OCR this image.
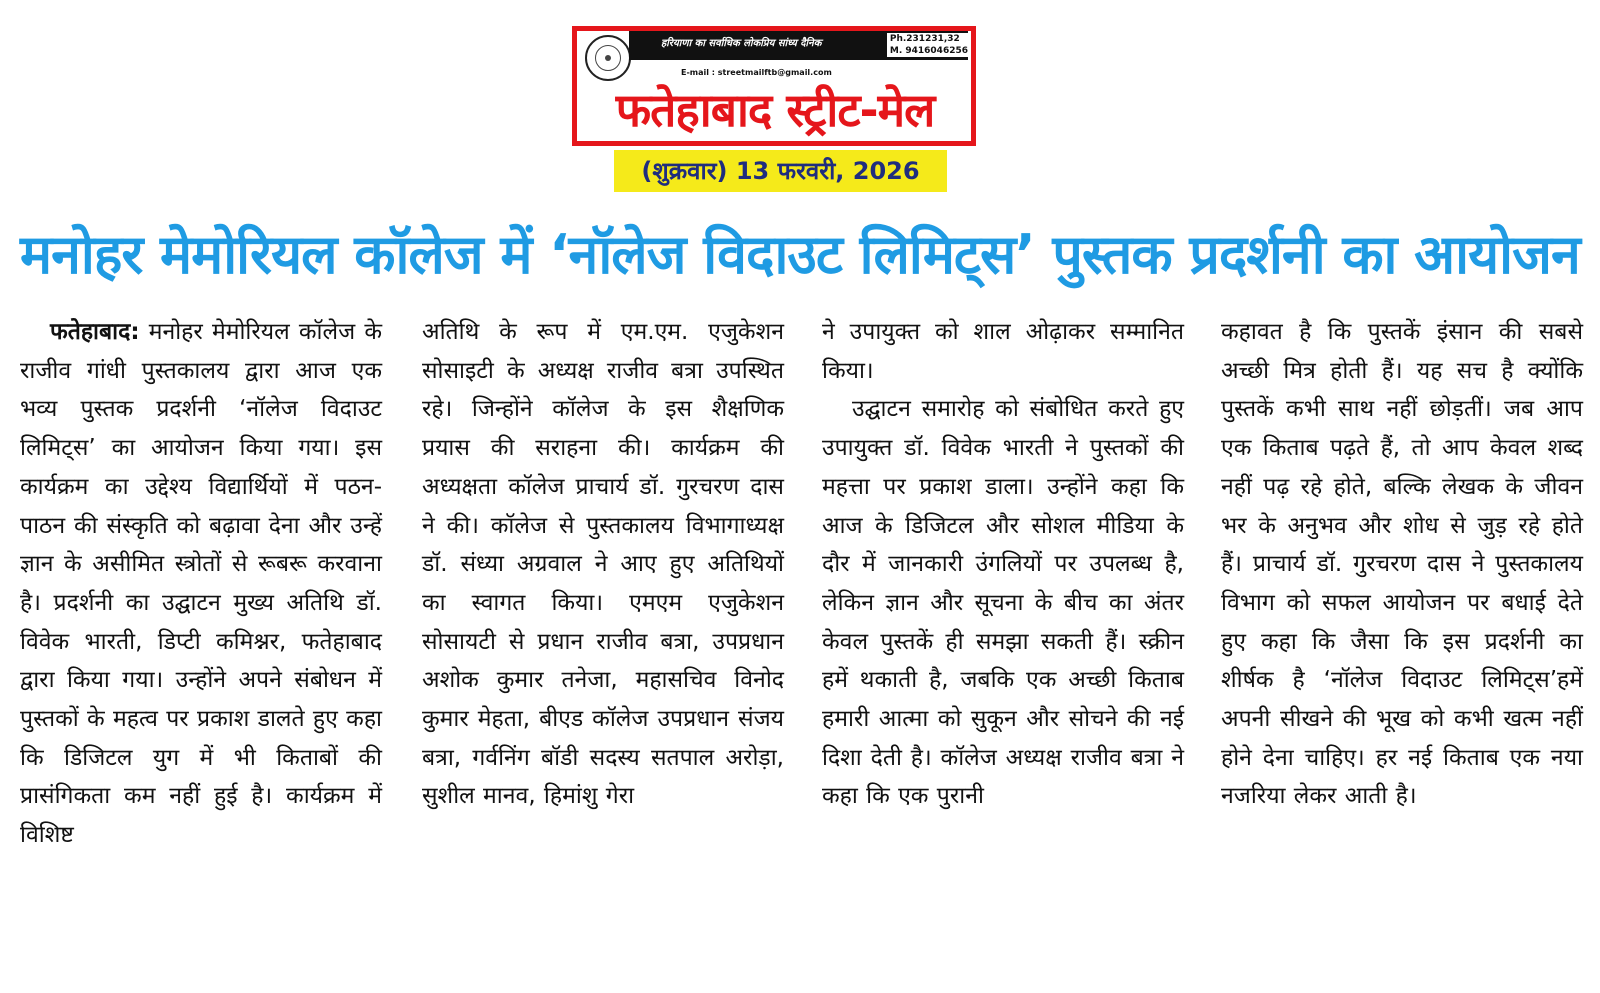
हरियाणा का सर्वाधिक लोकप्रिय सांध्य दैनिक	Ph.231231,32
M. 9416046256
E-mail : streetmailftb@gmail.com
फतेहाबाद स्ट्रीट-मेल
(शुक्रवार) 13 फरवरी, 2026
मनोहर मेमोरियल कॉलेज में ‘नॉलेज विदाउट लिमिट्स’ पुस्तक प्रदर्शनी का आयोजन

फतेहाबाद: मनोहर मेमोरियल कॉलेज के राजीव गांधी पुस्तकालय द्वारा आज एक भव्य पुस्तक प्रदर्शनी ‘नॉलेज विदाउट लिमिट्स’ का आयोजन किया गया। इस कार्यक्रम का उद्देश्य विद्यार्थियों में पठन-पाठन की संस्कृति को बढ़ावा देना और उन्हें ज्ञान के असीमित स्त्रोतों से रूबरू करवाना है। प्रदर्शनी का उद्घाटन मुख्य अतिथि डॉ. विवेक भारती, डिप्टी कमिश्नर, फतेहाबाद द्वारा किया गया। उन्होंने अपने संबोधन में पुस्तकों के महत्व पर प्रकाश डालते हुए कहा कि डिजिटल युग में भी किताबों की प्रासंगिकता कम नहीं हुई है। कार्यक्रम में विशिष्ट

अतिथि के रूप में एम.एम. एजुकेशन सोसाइटी के अध्यक्ष राजीव बत्रा उपस्थित रहे। जिन्होंने कॉलेज के इस शैक्षणिक प्रयास की सराहना की। कार्यक्रम की अध्यक्षता कॉलेज प्राचार्य डॉ. गुरचरण दास ने की। कॉलेज से पुस्तकालय विभागाध्यक्ष डॉ. संध्या अग्रवाल ने आए हुए अतिथियों का स्वागत किया। एमएम एजुकेशन सोसायटी से प्रधान राजीव बत्रा, उपप्रधान अशोक कुमार तनेजा, महासचिव विनोद कुमार मेहता, बीएड कॉलेज उपप्रधान संजय बत्रा, गर्वनिंग बॉडी सदस्य सतपाल अरोड़ा, सुशील मानव, हिमांशु गेरा

ने उपायुक्त को शाल ओढ़ाकर सम्मानित किया।

उद्घाटन समारोह को संबोधित करते हुए उपायुक्त डॉ. विवेक भारती ने पुस्तकों की महत्ता पर प्रकाश डाला। उन्होंने कहा कि आज के डिजिटल और सोशल मीडिया के दौर में जानकारी उंगलियों पर उपलब्ध है, लेकिन ज्ञान और सूचना के बीच का अंतर केवल पुस्तकें ही समझा सकती हैं। स्क्रीन हमें थकाती है, जबकि एक अच्छी किताब हमारी आत्मा को सुकून और सोचने की नई दिशा देती है। कॉलेज अध्यक्ष राजीव बत्रा ने कहा कि एक पुरानी

कहावत है कि पुस्तकें इंसान की सबसे अच्छी मित्र होती हैं। यह सच है क्योंकि पुस्तकें कभी साथ नहीं छोड़तीं। जब आप एक किताब पढ़ते हैं, तो आप केवल शब्द नहीं पढ़ रहे होते, बल्कि लेखक के जीवन भर के अनुभव और शोध से जुड़ रहे होते हैं। प्राचार्य डॉ. गुरचरण दास ने पुस्तकालय विभाग को सफल आयोजन पर बधाई देते हुए कहा कि जैसा कि इस प्रदर्शनी का शीर्षक है ‘नॉलेज विदाउट लिमिट्स’हमें अपनी सीखने की भूख को कभी खत्म नहीं होने देना चाहिए। हर नई किताब एक नया नजरिया लेकर आती है।
